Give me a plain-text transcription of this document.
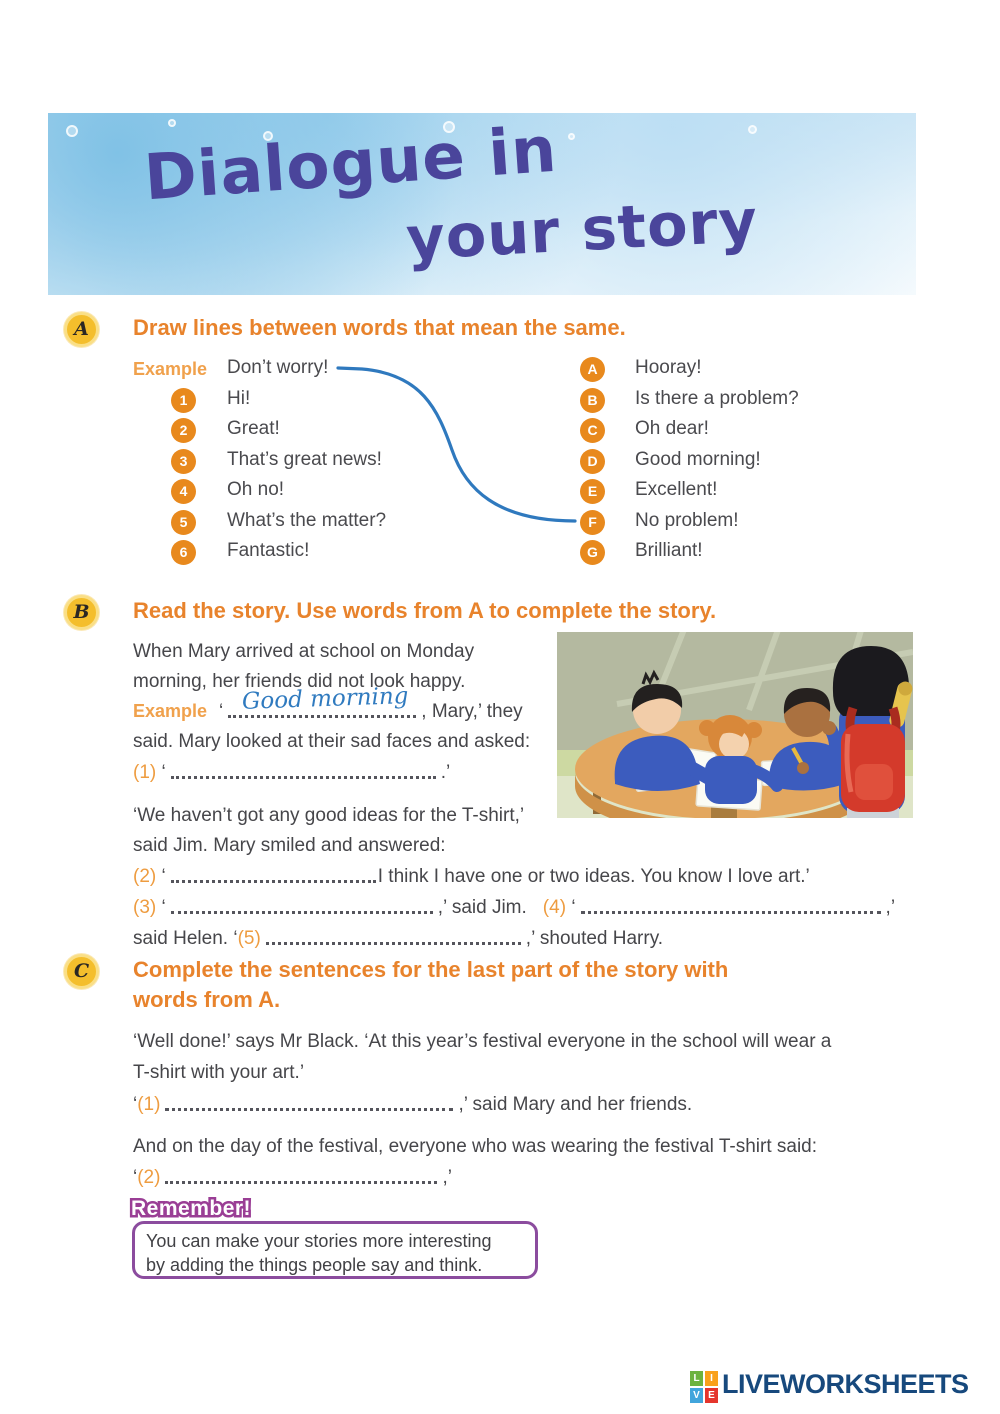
Dialogue in
your story
A	Draw lines between words that mean the same.
Example Don’t worry!
1	Hi!
2	Great!
3	That’s great news!
4	Oh no!
5	What’s the matter?
6	Fantastic!
A	Hooray!
B	Is there a problem?
C	Oh dear!
D	Good morning!
E	Excellent!
F	No problem!
G	Brilliant!
B	Read the story. Use words from A to complete the story.
When Mary arrived at school on Monday
morning, her friends did not look happy.
Example ‘ Good morning , Mary,’ they
said. Mary looked at their sad faces and asked:
(1) ‘	.’
‘We haven’t got any good ideas for the T-shirt,’
said Jim. Mary smiled and answered:
(2) ‘	I think I have one or two ideas. You know I love art.’
(3) ‘	,’ said Jim. (4) ‘	,’
said Helen. ‘(5)	,’ shouted Harry.
C	Complete the sentences for the last part of the story with
words from A.
‘Well done!’ says Mr Black. ‘At this year’s festival everyone in the school will wear a
T-shirt with your art.’
‘(1)	,’ said Mary and her friends.
And on the day of the festival, everyone who was wearing the festival T-shirt said:
‘(2)	,’
You can make your stories more interesting
by adding the things people say and think.
Remember!
L	I
V E LIVEWORKSHEETS
